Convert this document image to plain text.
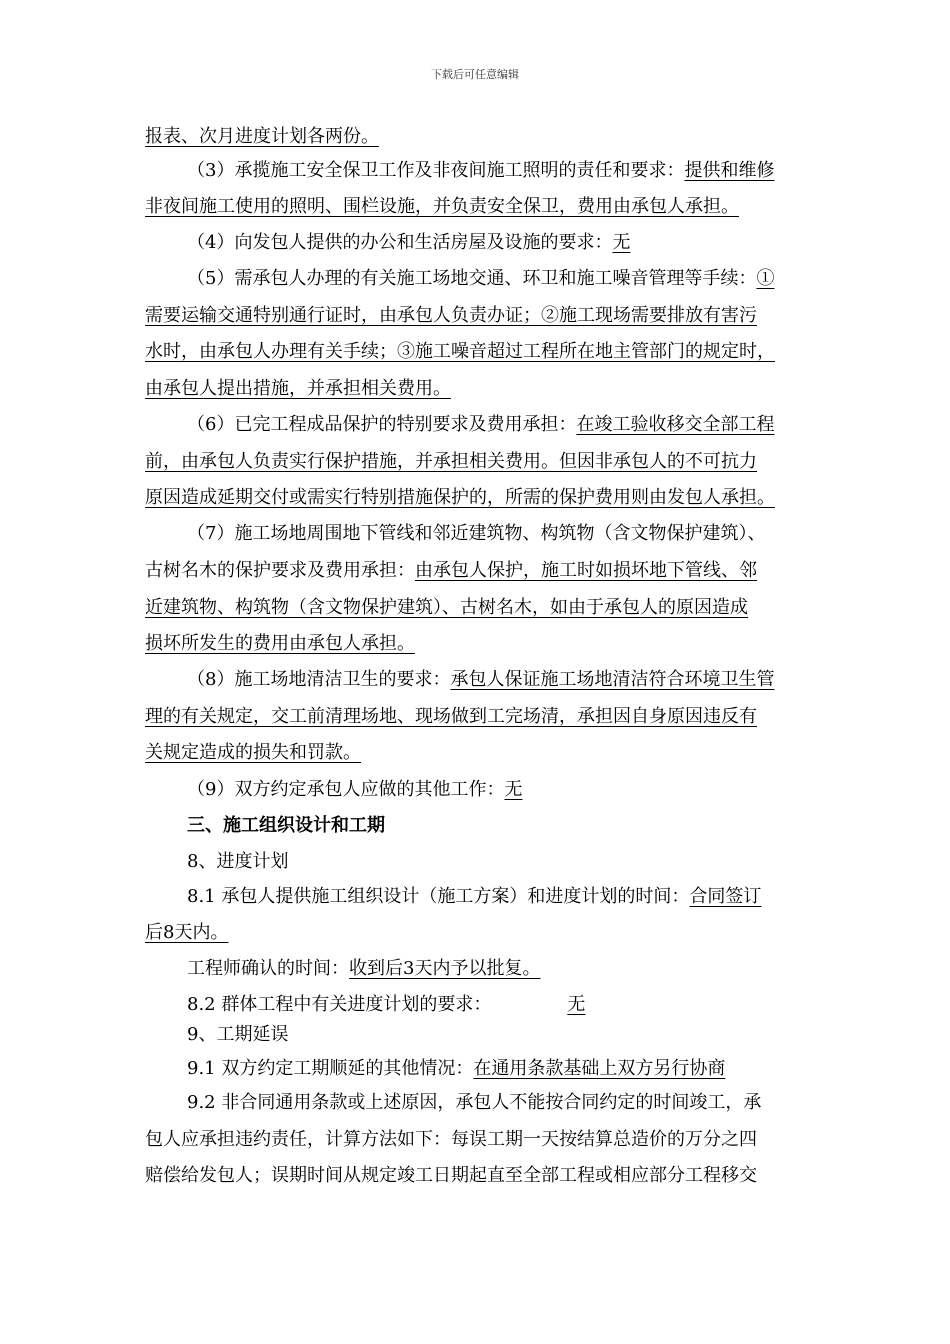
下载后可任意编辑
报表、次月进度计划各两份。
（3）承揽施工安全保卫工作及非夜间施工照明的责任和要求：提供和维修
非夜间施工使用的照明、围栏设施，并负责安全保卫，费用由承包人承担。
（4）向发包人提供的办公和生活房屋及设施的要求：无
（5）需承包人办理的有关施工场地交通、环卫和施工噪音管理等手续：①
需要运输交通特别通行证时，由承包人负责办证；②施工现场需要排放有害污
水时，由承包人办理有关手续；③施工噪音超过工程所在地主管部门的规定时，
由承包人提出措施，并承担相关费用。
（6）已完工程成品保护的特别要求及费用承担：在竣工验收移交全部工程
前，由承包人负责实行保护措施，并承担相关费用。但因非承包人的不可抗力
原因造成延期交付或需实行特别措施保护的，所需的保护费用则由发包人承担。
（7）施工场地周围地下管线和邻近建筑物、构筑物（含文物保护建筑）、
古树名木的保护要求及费用承担：由承包人保护，施工时如损坏地下管线、邻
近建筑物、构筑物（含文物保护建筑）、古树名木，如由于承包人的原因造成
损坏所发生的费用由承包人承担。
（8）施工场地清洁卫生的要求：承包人保证施工场地清洁符合环境卫生管
理的有关规定，交工前清理场地、现场做到工完场清，承担因自身原因违反有
关规定造成的损失和罚款。
（9）双方约定承包人应做的其他工作：无
三、施工组织设计和工期
8、进度计划
8.1 承包人提供施工组织设计（施工方案）和进度计划的时间：合同签订
后8天内。
工程师确认的时间：收到后3天内予以批复。
8.2 群体工程中有关进度计划的要求：	无
9、工期延误
9.1 双方约定工期顺延的其他情况：在通用条款基础上双方另行协商
9.2 非合同通用条款或上述原因，承包人不能按合同约定的时间竣工，承
包人应承担违约责任，计算方法如下：每误工期一天按结算总造价的万分之四
赔偿给发包人；误期时间从规定竣工日期起直至全部工程或相应部分工程移交
